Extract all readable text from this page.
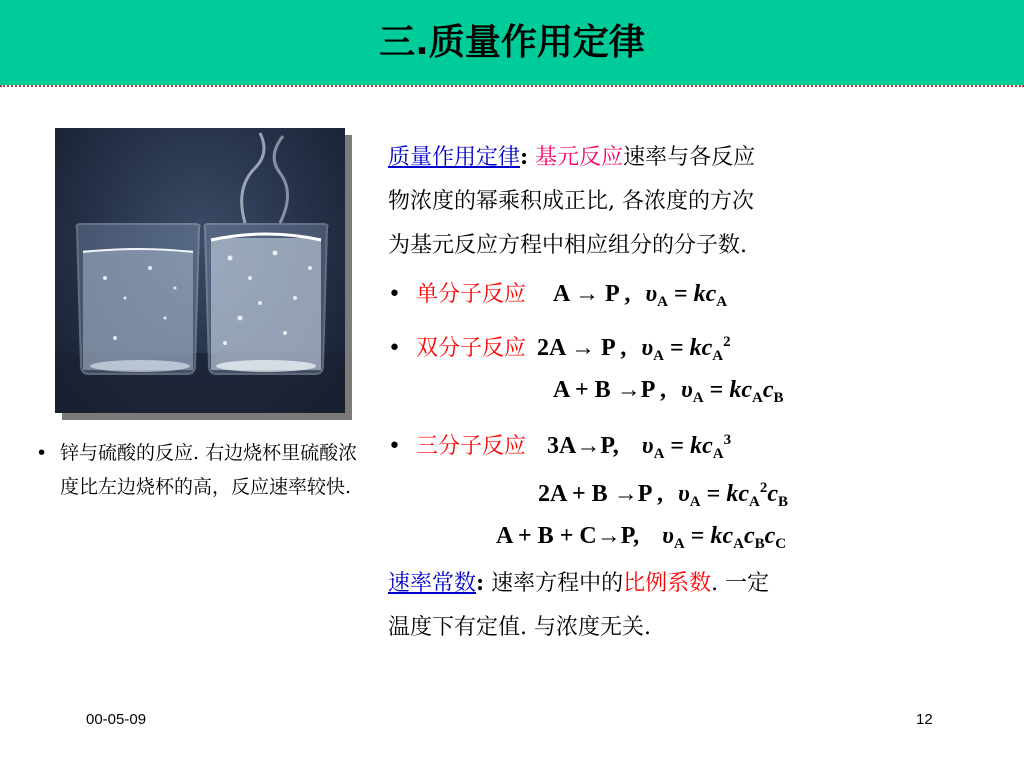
三.质量作用定律
• 锌与硫酸的反应. 右边烧杯里硫酸浓度比左边烧杯的高，反应速率较快.
质量作用定律: 基元反应速率与各反应
物浓度的幂乘积成正比, 各浓度的方次
为基元反应方程中相应组分的分子数.
• 单分子反应 A → P , $\upsilon_A = kc_A$
• 双分子反应 2A → P , $\upsilon_A = kc_A^2$
A + B →P , $\upsilon_A = kc_Ac_B$
• 三分子反应 3A→P, $\upsilon_A = kc_A^3$
2A + B →P , $\upsilon_A = kc_A^2c_B$
A + B + C→P, $\upsilon_A = kc_Ac_Bc_C$
速率常数: 速率方程中的比例系数. 一定
温度下有定值. 与浓度无关.
00-05-09	12
